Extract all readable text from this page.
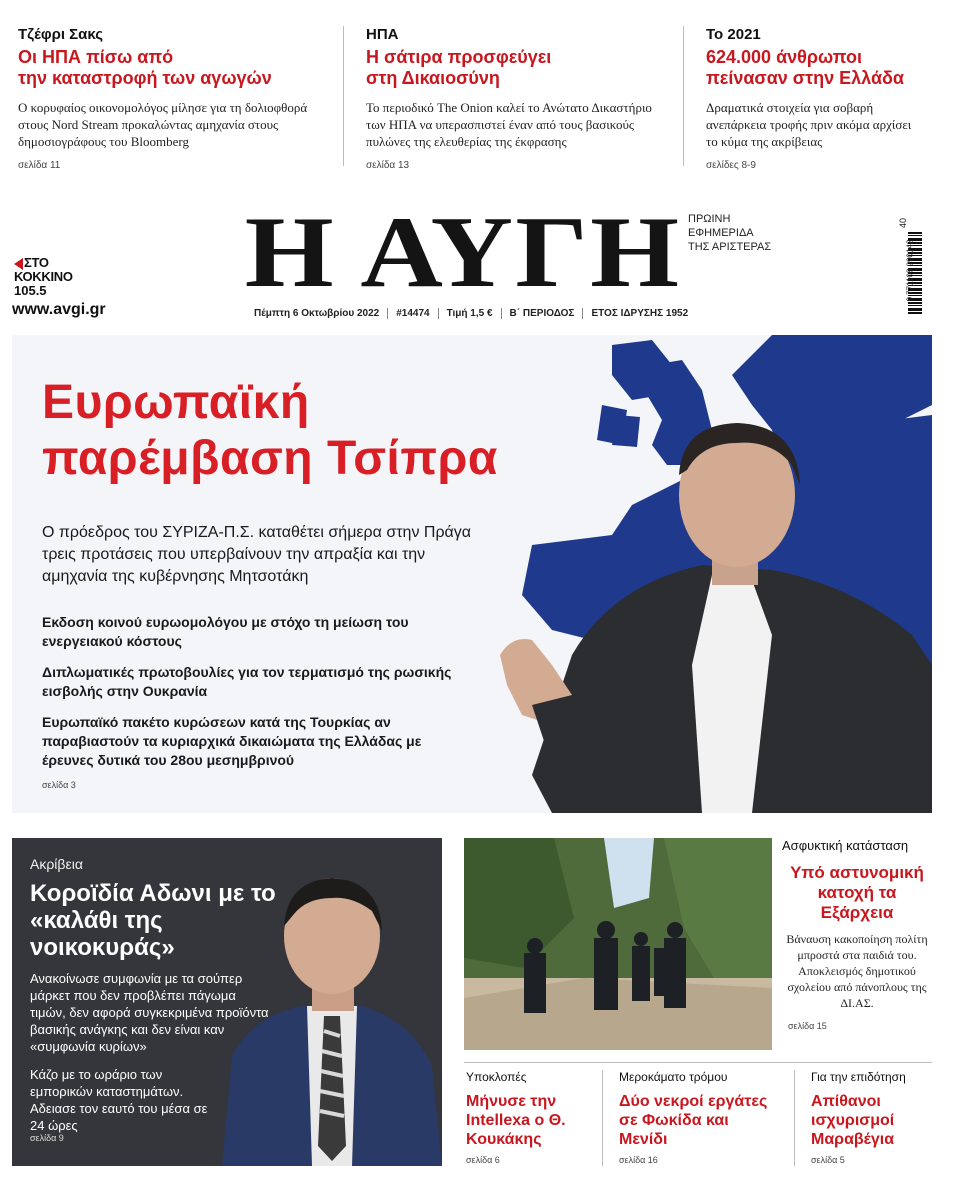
Τζέφρι Σακς
Οι ΗΠΑ πίσω από
την καταστροφή των αγωγών
Ο κορυφαίος οικονομολόγος μίλησε για τη δολιοφθορά στους Nord Stream προκαλώντας αμηχανία στους δημοσιογράφους του Bloomberg
σελίδα 11
ΗΠΑ
Η σάτιρα προσφεύγει
στη Δικαιοσύνη
Το περιοδικό The Onion καλεί το Ανώτατο Δικαστήριο των ΗΠΑ να υπερασπιστεί έναν από τους βασικούς πυλώνες της ελευθερίας της έκφρασης
σελίδα 13
Το 2021
624.000 άνθρωποι
πείνασαν στην Ελλάδα
Δραματικά στοιχεία για σοβαρή ανεπάρκεια τροφής πριν ακόμα αρχίσει το κύμα της ακρίβειας
σελίδες 8-9
ΣΤΟ ΚΟΚΚΙΝΟ
105.5
www.avgi.gr
Η ΑΥΓΗ ΠΡΩΙΝΗ
ΕΦΗΜΕΡΙΔΑ
ΤΗΣ ΑΡΙΣΤΕΡΑΣ
40
9 771108 990142
Πέμπτη 6 Οκτωβρίου 2022	#14474	Τιμή 1,5 €	Β΄ ΠΕΡΙΟΔΟΣ	ΕΤΟΣ ΙΔΡΥΣΗΣ 1952
Ευρωπαϊκή
παρέμβαση Τσίπρα
Ο πρόεδρος του ΣΥΡΙΖΑ-Π.Σ. καταθέτει σήμερα στην Πράγα τρεις προτάσεις που υπερβαίνουν την απραξία και την αμηχανία της κυβέρνησης Μητσοτάκη
Εκδοση κοινού ευρωομολόγου με στόχο τη μείωση του ενεργειακού κόστους
Διπλωματικές πρωτοβουλίες για τον τερματισμό της ρωσικής εισβολής στην Ουκρανία
Ευρωπαϊκό πακέτο κυρώσεων κατά της Τουρκίας αν παραβιαστούν τα κυριαρχικά δικαιώματα της Ελλάδας με έρευνες δυτικά του 28ου μεσημβρινού
σελίδα 3
Ακρίβεια
Κοροϊδία Αδωνι με το «καλάθι της νοικοκυράς»
Ανακοίνωσε συμφωνία με τα σούπερ μάρκετ που δεν προβλέπει πάγωμα τιμών, δεν αφορά συγκεκριμένα προϊόντα βασικής ανάγκης και δεν είναι καν «συμφωνία κυρίων»
Κάζο με το ωράριο των εμπορικών καταστημάτων. Αδειασε τον εαυτό του μέσα σε 24 ώρες
σελίδα 9
Ασφυκτική κατάσταση
Υπό αστυνομική κατοχή τα Εξάρχεια
Βάναυση κακοποίηση πολίτη μπροστά στα παιδιά του. Αποκλεισμός δημοτικού σχολείου από πάνοπλους της ΔΙ.ΑΣ.
σελίδα 15
Υποκλοπές
Μήνυσε την Intellexa ο Θ. Κουκάκης
σελίδα 6
Μεροκάματο τρόμου
Δύο νεκροί εργάτες σε Φωκίδα και Μενίδι
σελίδα 16
Για την επιδότηση
Απίθανοι ισχυρισμοί Μαραβέγια
σελίδα 5
